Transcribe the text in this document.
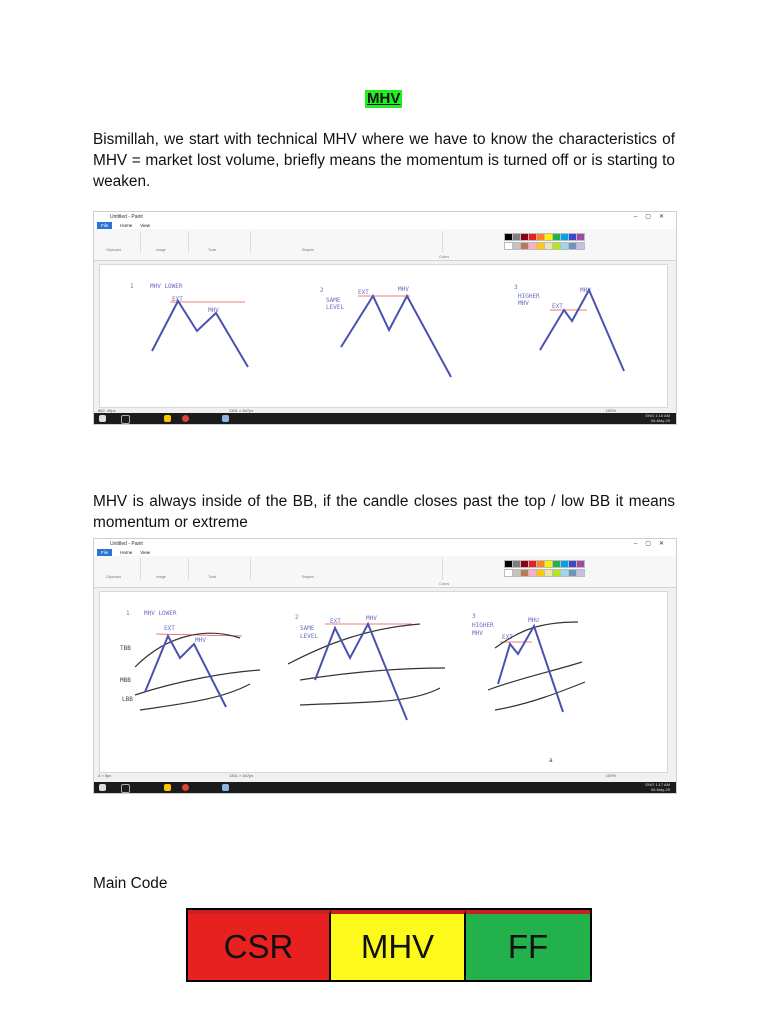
MHV
Bismillah, we start with technical MHV where we have to know the characteristics of MHV = market lost volume, briefly means the momentum is turned off or is starting to weaken.
Untitled - Paint	–▢✕
File	Home View
Clipboard	Image	Tools	Shapes
Colors
1	MHV LOWER
EXT
MHV
2
SAME
LEVEL
EXT	MHV	3
HIGHER
MHV
MHV
EXT
862, 45px	1301 × 547px	100%
ENG 1:16 AM
06-May-29
MHV is always inside of the BB, if the candle closes past the top / low BB it means momentum or extreme
Untitled - Paint	–▢✕
File	Home View
Clipboard	Image	Tools	Shapes
Colors
1 MHV LOWER
EXT
MHV
TBB
MBB
LBB
2
SAME
LEVEL
EXT	MHV	3
HIGHER
MHV
MHU
EXT
a
3 × 5px	1301 × 547px	100%
ENG 1:17 AM
06-May-29
Main Code
CSR	MHV	FF
